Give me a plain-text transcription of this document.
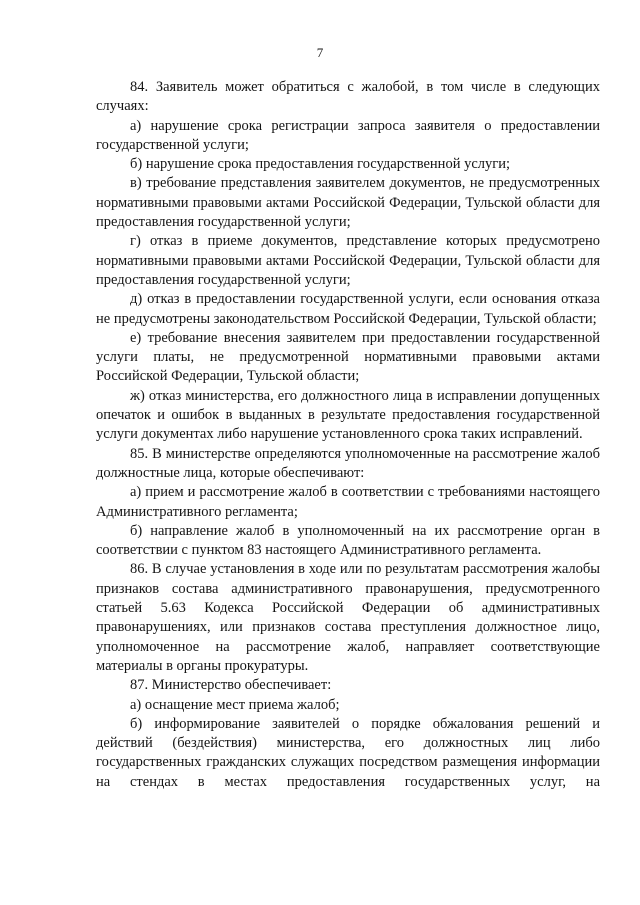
7

84. Заявитель может обратиться с жалобой, в том числе в следующих случаях:

а) нарушение срока регистрации запроса заявителя о предоставлении государственной услуги;

б) нарушение срока предоставления государственной услуги;

в) требование представления заявителем документов, не предусмотренных нормативными правовыми актами Российской Федерации, Тульской области для предоставления государственной услуги;

г) отказ в приеме документов, представление которых предусмотрено нормативными правовыми актами Российской Федерации, Тульской области для предоставления государственной услуги;

д) отказ в предоставлении государственной услуги, если основания отказа не предусмотрены законодательством Российской Федерации, Тульской области;

е) требование внесения заявителем при предоставлении государственной услуги платы, не предусмотренной нормативными правовыми актами Российской Федерации, Тульской области;

ж) отказ министерства, его должностного лица в исправлении допущенных опечаток и ошибок в выданных в результате предоставления государственной услуги документах либо нарушение установленного срока таких исправлений.

85. В министерстве определяются уполномоченные на рассмотрение жалоб должностные лица, которые обеспечивают:

а) прием и рассмотрение жалоб в соответствии с требованиями настоящего Административного регламента;

б) направление жалоб в уполномоченный на их рассмотрение орган в соответствии с пунктом 83 настоящего Административного регламента.

86. В случае установления в ходе или по результатам рассмотрения жалобы признаков состава административного правонарушения, предусмотренного статьей 5.63 Кодекса Российской Федерации об административных правонарушениях, или признаков состава преступления должностное лицо, уполномоченное на рассмотрение жалоб, направляет соответствующие материалы в органы прокуратуры.

87. Министерство обеспечивает:

а) оснащение мест приема жалоб;

б) информирование заявителей о порядке обжалования решений и действий (бездействия) министерства, его должностных лиц либо государственных гражданских служащих посредством размещения информации на стендах в местах предоставления государственных услуг, на
